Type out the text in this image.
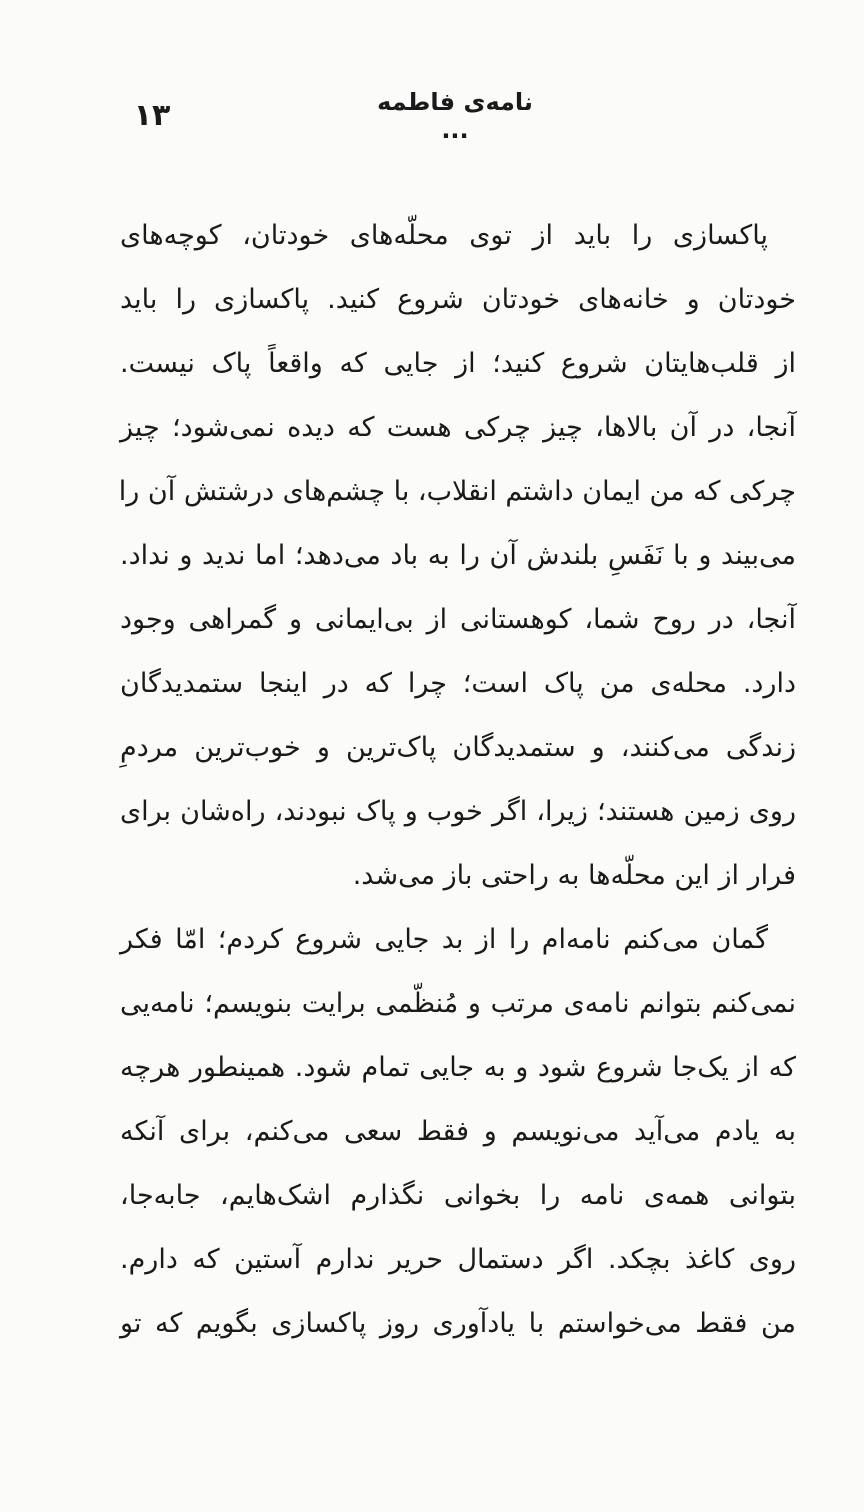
نامه‌ی فاطمه ...
۱۳
پاکسازی را باید از توی محلّه‌های خودتان، کوچه‌های
خودتان و خانه‌های خودتان شروع کنید. پاکسازی را باید
از قلب‌هایتان شروع کنید؛ از جایی که واقعاً پاک نیست.
آنجا، در آن بالاها، چیز چرکی هست که دیده نمی‌شود؛ چیز
چرکی که من ایمان داشتم انقلاب، با چشم‌های درشتش آن را
می‌بیند و با نَفَسِ بلندش آن را به باد می‌دهد؛ اما ندید و نداد.
آنجا، در روح شما، کوهستانی از بی‌ایمانی و گمراهی وجود
دارد. محله‌ی من پاک است؛ چرا که در اینجا ستمدیدگان
زندگی می‌کنند، و ستمدیدگان پاک‌ترین و خوب‌ترین مردمِ
روی زمین هستند؛ زیرا، اگر خوب و پاک نبودند، راه‌شان برای
فرار از این محلّه‌ها به راحتی باز می‌شد.
گمان می‌کنم نامه‌ام را از بد جایی شروع کردم؛ امّا فکر
نمی‌کنم بتوانم نامه‌ی مرتب و مُنظّمی برایت بنویسم؛ نامه‌یی
که از یک‌جا شروع شود و به جایی تمام شود. همینطور هرچه
به یادم می‌آید می‌نویسم و فقط سعی می‌کنم، برای آنکه
بتوانی همه‌ی نامه را بخوانی نگذارم اشک‌هایم، جابه‌جا،
روی کاغذ بچکد. اگر دستمال حریر ندارم آستین که دارم.
من فقط می‌خواستم با یادآوری روز پاکسازی بگویم که تو
